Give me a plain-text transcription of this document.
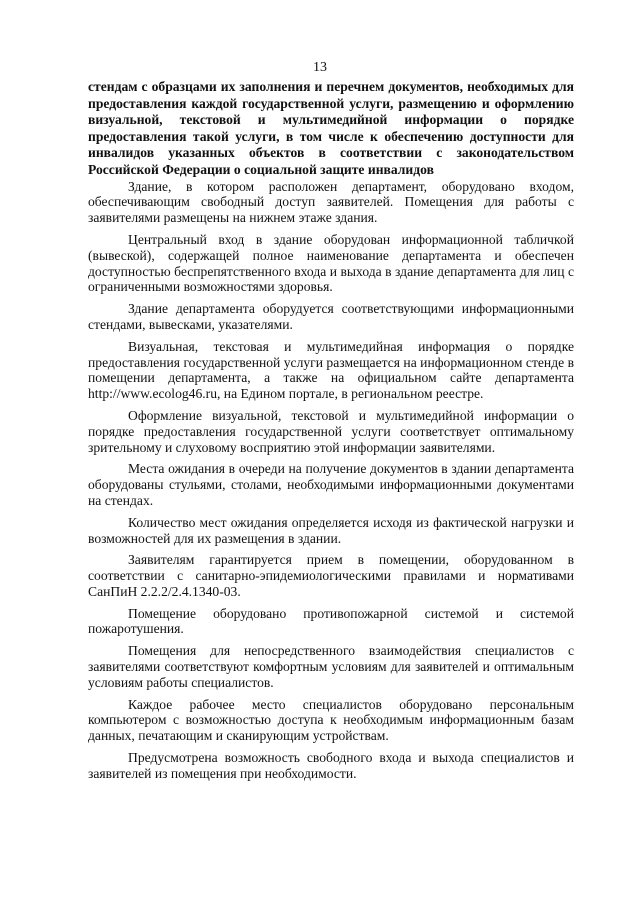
13
стендам с образцами их заполнения и перечнем документов, необходимых для предоставления каждой государственной услуги, размещению и оформлению визуальной, текстовой и мультимедийной информации о порядке предоставления такой услуги, в том числе к обеспечению доступности для инвалидов указанных объектов в соответствии с законодательством Российской Федерации о социальной защите инвалидов

Здание, в котором расположен департамент, оборудовано входом, обеспечивающим свободный доступ заявителей. Помещения для работы с заявителями размещены на нижнем этаже здания.

Центральный вход в здание оборудован информационной табличкой (вывеской), содержащей полное наименование департамента и обеспечен доступностью беспрепятственного входа и выхода в здание департамента для лиц с ограниченными возможностями здоровья.

Здание департамента оборудуется соответствующими информационными стендами, вывесками, указателями.

Визуальная, текстовая и мультимедийная информация о порядке предоставления государственной услуги размещается на информационном стенде в помещении департамента, а также на официальном сайте департамента http://www.ecolog46.ru, на Едином портале, в региональном реестре.

Оформление визуальной, текстовой и мультимедийной информации о порядке предоставления государственной услуги соответствует оптимальному зрительному и слуховому восприятию этой информации заявителями.

Места ожидания в очереди на получение документов в здании департамента оборудованы стульями, столами, необходимыми информационными документами на стендах.

Количество мест ожидания определяется исходя из фактической нагрузки и возможностей для их размещения в здании.

Заявителям гарантируется прием в помещении, оборудованном в соответствии с санитарно-эпидемиологическими правилами и нормативами СанПиН 2.2.2/2.4.1340-03.

Помещение оборудовано противопожарной системой и системой пожаротушения.

Помещения для непосредственного взаимодействия специалистов с заявителями соответствуют комфортным условиям для заявителей и оптимальным условиям работы специалистов.

Каждое рабочее место специалистов оборудовано персональным компьютером с возможностью доступа к необходимым информационным базам данных, печатающим и сканирующим устройствам.

Предусмотрена возможность свободного входа и выхода специалистов и заявителей из помещения при необходимости.
